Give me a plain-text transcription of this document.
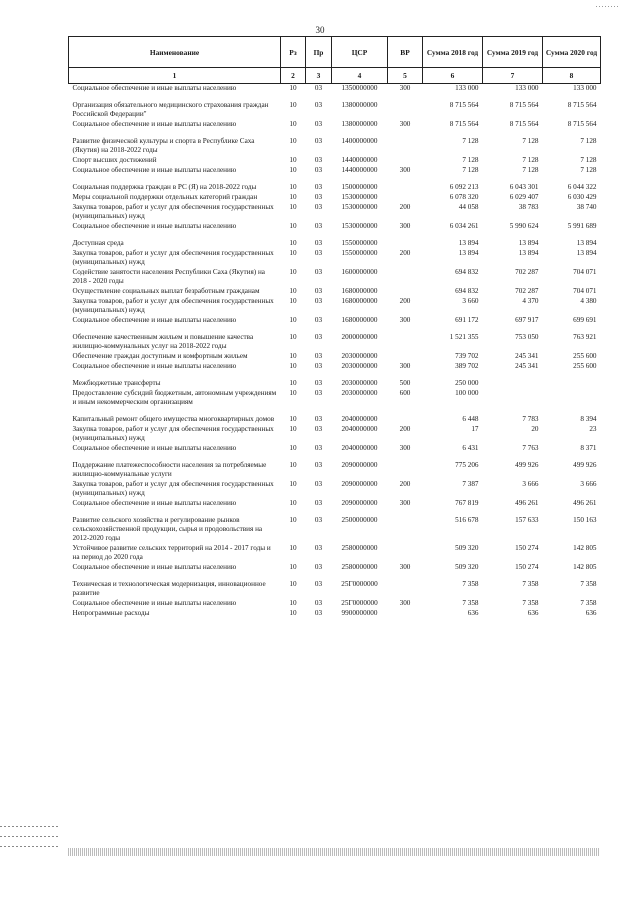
30
Наименование	Рз	Пр	ЦСР	ВР	Сумма 2018 год	Сумма 2019 год	Сумма 2020 год
1	2	3	4	5	6	7	8
Социальное обеспечение и иные выплаты населению	10	03	1350000000	300	133 000	133 000	133 000
Организация обязательного медицинского страхования граждан Российской Федерации"	10	03	1380000000		8 715 564	8 715 564	8 715 564
Социальное обеспечение и иные выплаты населению	10	03	1380000000	300	8 715 564	8 715 564	8 715 564
Развитие физической культуры и спорта в Республике Саха (Якутия) на 2018-2022 годы	10	03	1400000000		7 128	7 128	7 128
Спорт высших достижений	10	03	1440000000		7 128	7 128	7 128
Социальное обеспечение и иные выплаты населению	10	03	1440000000	300	7 128	7 128	7 128
Социальная поддержка граждан в РС (Я) на 2018-2022 годы	10	03	1500000000		6 092 213	6 043 301	6 044 322
Меры социальной поддержки отдельных категорий граждан	10	03	1530000000		6 078 320	6 029 407	6 030 429
Закупка товаров, работ и услуг для обеспечения государственных (муниципальных) нужд	10	03	1530000000	200	44 058	38 783	38 740
Социальное обеспечение и иные выплаты населению	10	03	1530000000	300	6 034 261	5 990 624	5 991 689
Доступная среда	10	03	1550000000		13 894	13 894	13 894
Закупка товаров, работ и услуг для обеспечения государственных (муниципальных) нужд	10	03	1550000000	200	13 894	13 894	13 894
Содействие занятости населения Республики Саха (Якутия) на 2018 - 2020 годы	10	03	1600000000		694 832	702 287	704 071
Осуществление социальных выплат безработным гражданам	10	03	1680000000		694 832	702 287	704 071
Закупка товаров, работ и услуг для обеспечения государственных (муниципальных) нужд	10	03	1680000000	200	3 660	4 370	4 380
Социальное обеспечение и иные выплаты населению	10	03	1680000000	300	691 172	697 917	699 691
Обеспечение качественным жильем и повышение качества жилищно-коммунальных услуг на 2018-2022 годы	10	03	2000000000		1 521 355	753 050	763 921
Обеспечение граждан доступным и комфортным жильем	10	03	2030000000		739 702	245 341	255 600
Социальное обеспечение и иные выплаты населению	10	03	2030000000	300	389 702	245 341	255 600
Межбюджетные трансферты	10	03	2030000000	500	250 000		
Предоставление субсидий бюджетным, автономным учреждениям и иным некоммерческим организациям	10	03	2030000000	600	100 000		
Капитальный ремонт общего имущества многоквартирных домов	10	03	2040000000		6 448	7 783	8 394
Закупка товаров, работ и услуг для обеспечения государственных (муниципальных) нужд	10	03	2040000000	200	17	20	23
Социальное обеспечение и иные выплаты населению	10	03	2040000000	300	6 431	7 763	8 371
Поддержание платежеспособности населения за потребляемые жилищно-коммунальные услуги	10	03	2090000000		775 206	499 926	499 926
Закупка товаров, работ и услуг для обеспечения государственных (муниципальных) нужд	10	03	2090000000	200	7 387	3 666	3 666
Социальное обеспечение и иные выплаты населению	10	03	2090000000	300	767 819	496 261	496 261
Развитие сельского хозяйства и регулирование рынков сельскохозяйственной продукции, сырья и продовольствия на 2012-2020 годы	10	03	2500000000		516 678	157 633	150 163
Устойчивое развитие сельских территорий на 2014 - 2017 годы и на период до 2020 года	10	03	2580000000		509 320	150 274	142 805
Социальное обеспечение и иные выплаты населению	10	03	2580000000	300	509 320	150 274	142 805
Техническая и технологическая модернизация, инновационное развитие	10	03	25Г0000000		7 358	7 358	7 358
Социальное обеспечение и иные выплаты населению	10	03	25Г0000000	300	7 358	7 358	7 358
Непрограммные расходы	10	03	9900000000		636	636	636
